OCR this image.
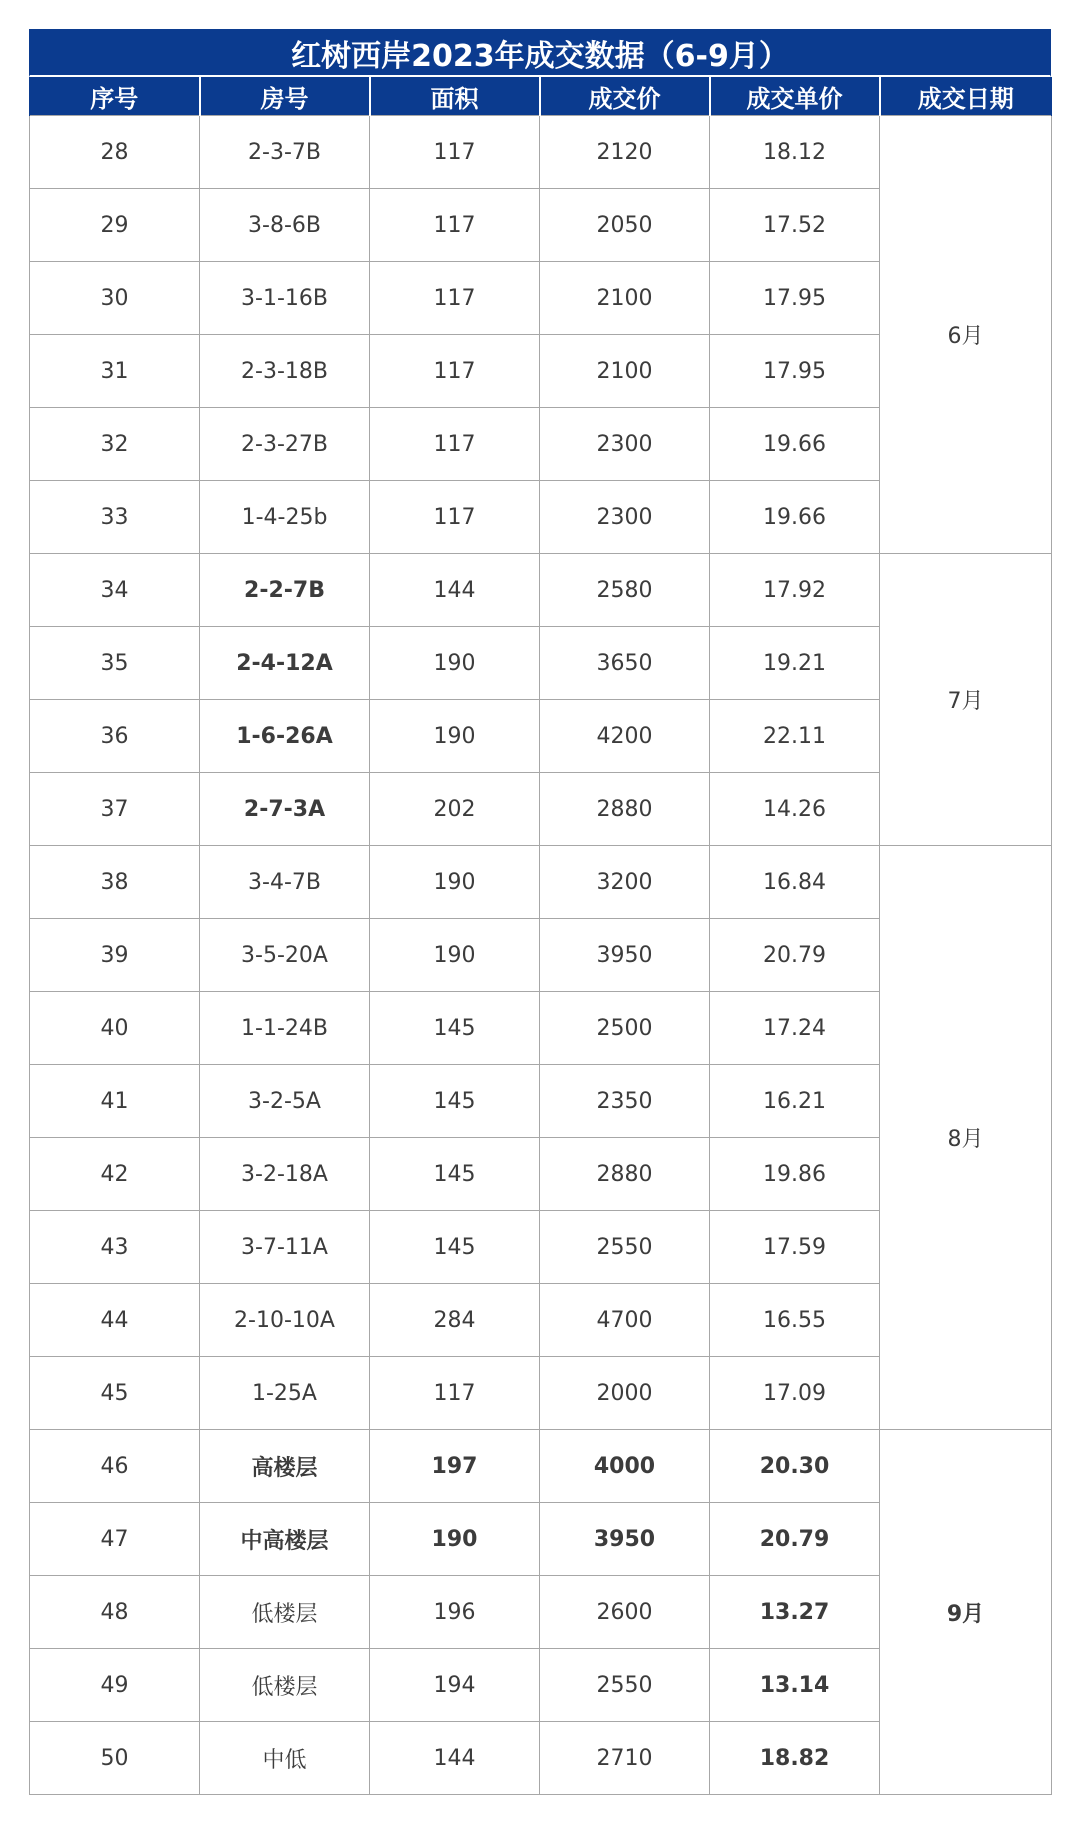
红树西岸2023年成交数据（6-9月）
序号	房号	面积	成交价	成交单价	成交日期
28	2-3-7B	117	2120	18.12	6月
29	3-8-6B	117	2050	17.52	
30	3-1-16B	117	2100	17.95	
31	2-3-18B	117	2100	17.95	
32	2-3-27B	117	2300	19.66	
33	1-4-25b	117	2300	19.66	
34	2-2-7B	144	2580	17.92	7月
35	2-4-12A	190	3650	19.21	
36	1-6-26A	190	4200	22.11	
37	2-7-3A	202	2880	14.26	
38	3-4-7B	190	3200	16.84	8月
39	3-5-20A	190	3950	20.79	
40	1-1-24B	145	2500	17.24	
41	3-2-5A	145	2350	16.21	
42	3-2-18A	145	2880	19.86	
43	3-7-11A	145	2550	17.59	
44	2-10-10A	284	4700	16.55	
45	1-25A	117	2000	17.09	
46	高楼层	197	4000	20.30	9月
47	中高楼层	190	3950	20.79	
48	低楼层	196	2600	13.27	
49	低楼层	194	2550	13.14	
50	中低	144	2710	18.82	
